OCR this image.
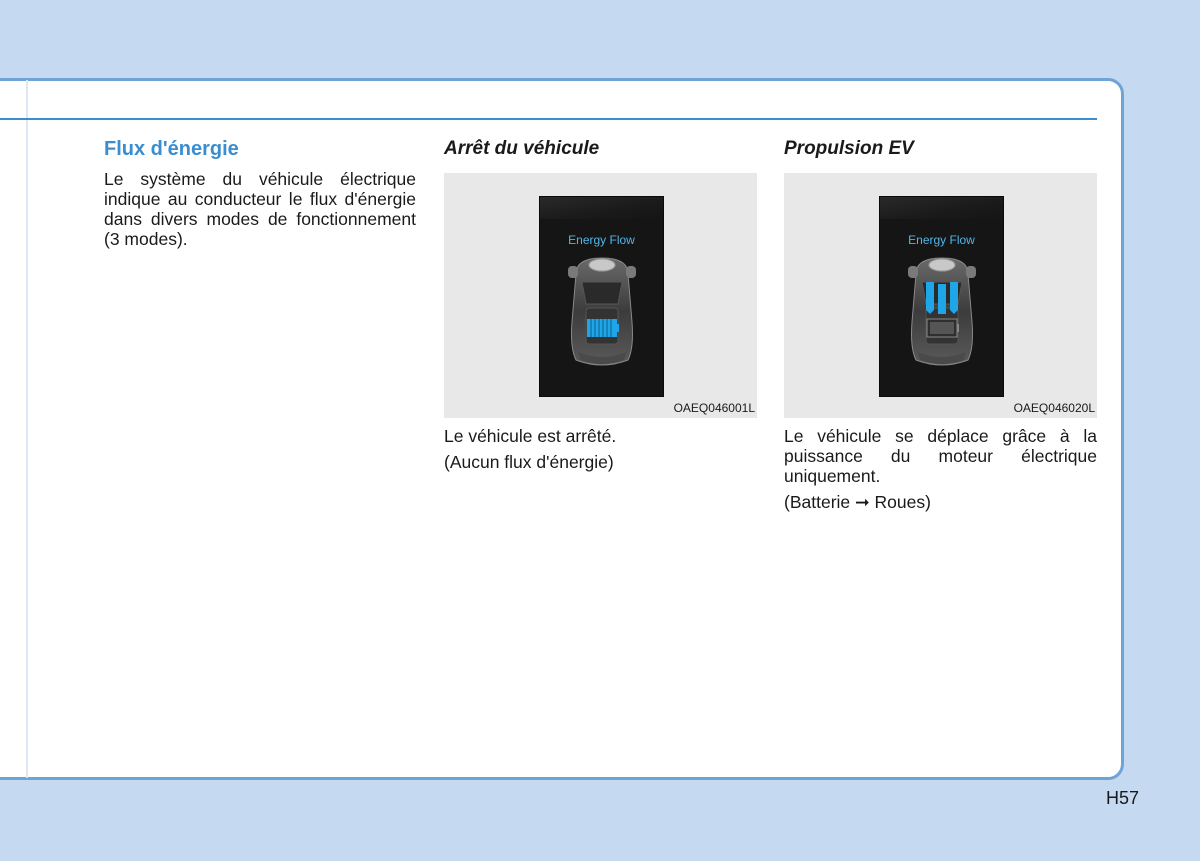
Flux d'énergie

Le système du véhicule électrique indique au conducteur le flux d'énergie dans divers modes de fonctionnement (3 modes).

Arrêt du véhicule
Energy Flow
OAEQ046001L

Le véhicule est arrêté.

(Aucun flux d'énergie)

Propulsion EV
Energy Flow
OAEQ046020L

Le véhicule se déplace grâce à la puissance du moteur électrique uniquement.

(Batterie ➞ Roues)

H57
